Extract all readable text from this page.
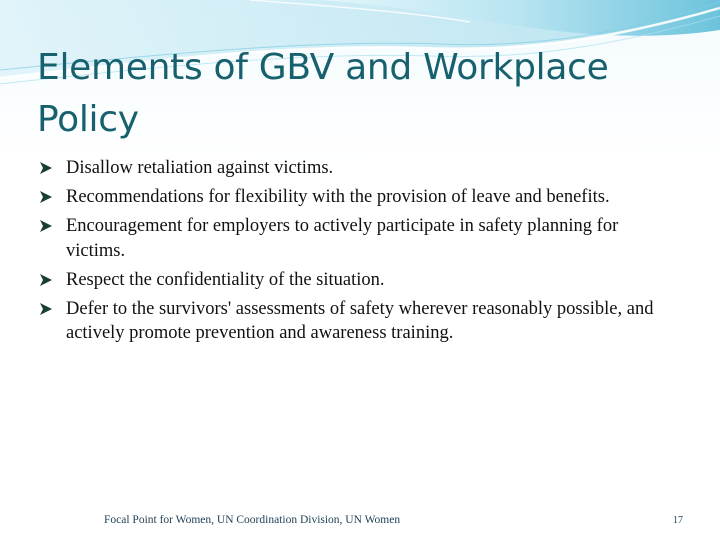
Elements of GBV and Workplace Policy
Disallow retaliation against victims.
Recommendations for flexibility with the provision of leave and benefits.
Encouragement for employers to actively participate in safety planning for victims.
Respect the confidentiality of the situation.
Defer to the survivors' assessments of safety wherever reasonably possible, and actively promote prevention and awareness training.
Focal Point for Women, UN Coordination Division, UN Women	17
